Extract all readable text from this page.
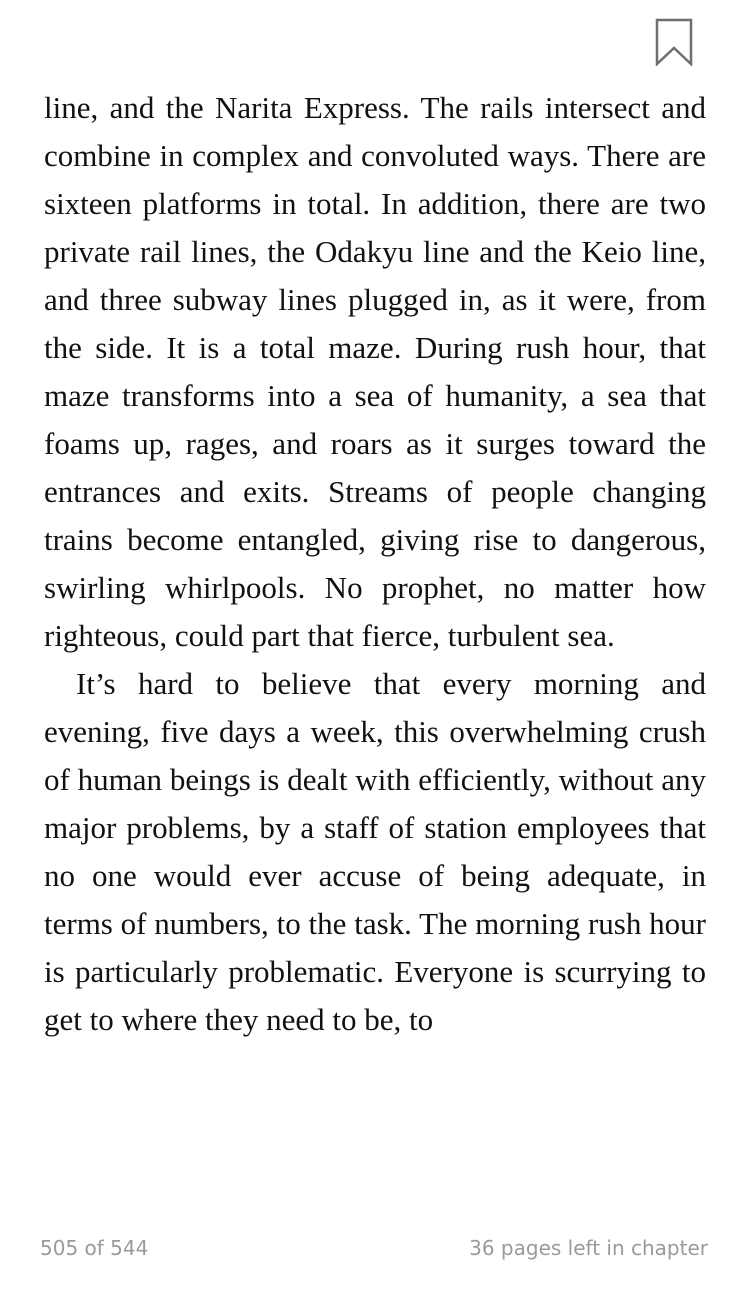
line, and the Narita Express. The rails intersect and combine in complex and convoluted ways. There are sixteen platforms in total. In addition, there are two private rail lines, the Odakyu line and the Keio line, and three subway lines plugged in, as it were, from the side. It is a total maze. During rush hour, that maze transforms into a sea of humanity, a sea that foams up, rages, and roars as it surges toward the entrances and exits. Streams of people changing trains become entangled, giving rise to dangerous, swirling whirlpools. No prophet, no matter how righteous, could part that fierce, turbulent sea.

It’s hard to believe that every morning and evening, five days a week, this overwhelming crush of human beings is dealt with efficiently, without any major problems, by a staff of station employees that no one would ever accuse of being adequate, in terms of numbers, to the task. The morning rush hour is particularly problematic. Everyone is scurrying to get to where they need to be, to

505 of 544	36 pages left in chapter
